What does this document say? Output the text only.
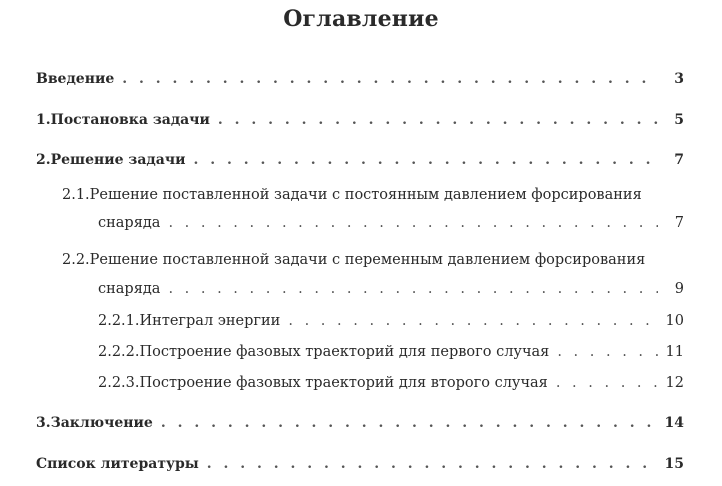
Оглавление
Введение . . .	3
1. Постановка задачи . . .	5
2. Решение задачи . . .	7
2.1.Решение поставленной задачи с постоянным давлением форсирования
снаряда . . .	7
2.2.Решение поставленной задачи с переменным давлением форсирования
снаряда . . .	9
2.2.1. Интеграл энергии . . .	10
2.2.2. Построение фазовых траекторий для первого случая . . .	11
2.2.3. Построение фазовых траекторий для второго случая . . .	12
3. Заключение . . .	14
Список литературы . . .	15
